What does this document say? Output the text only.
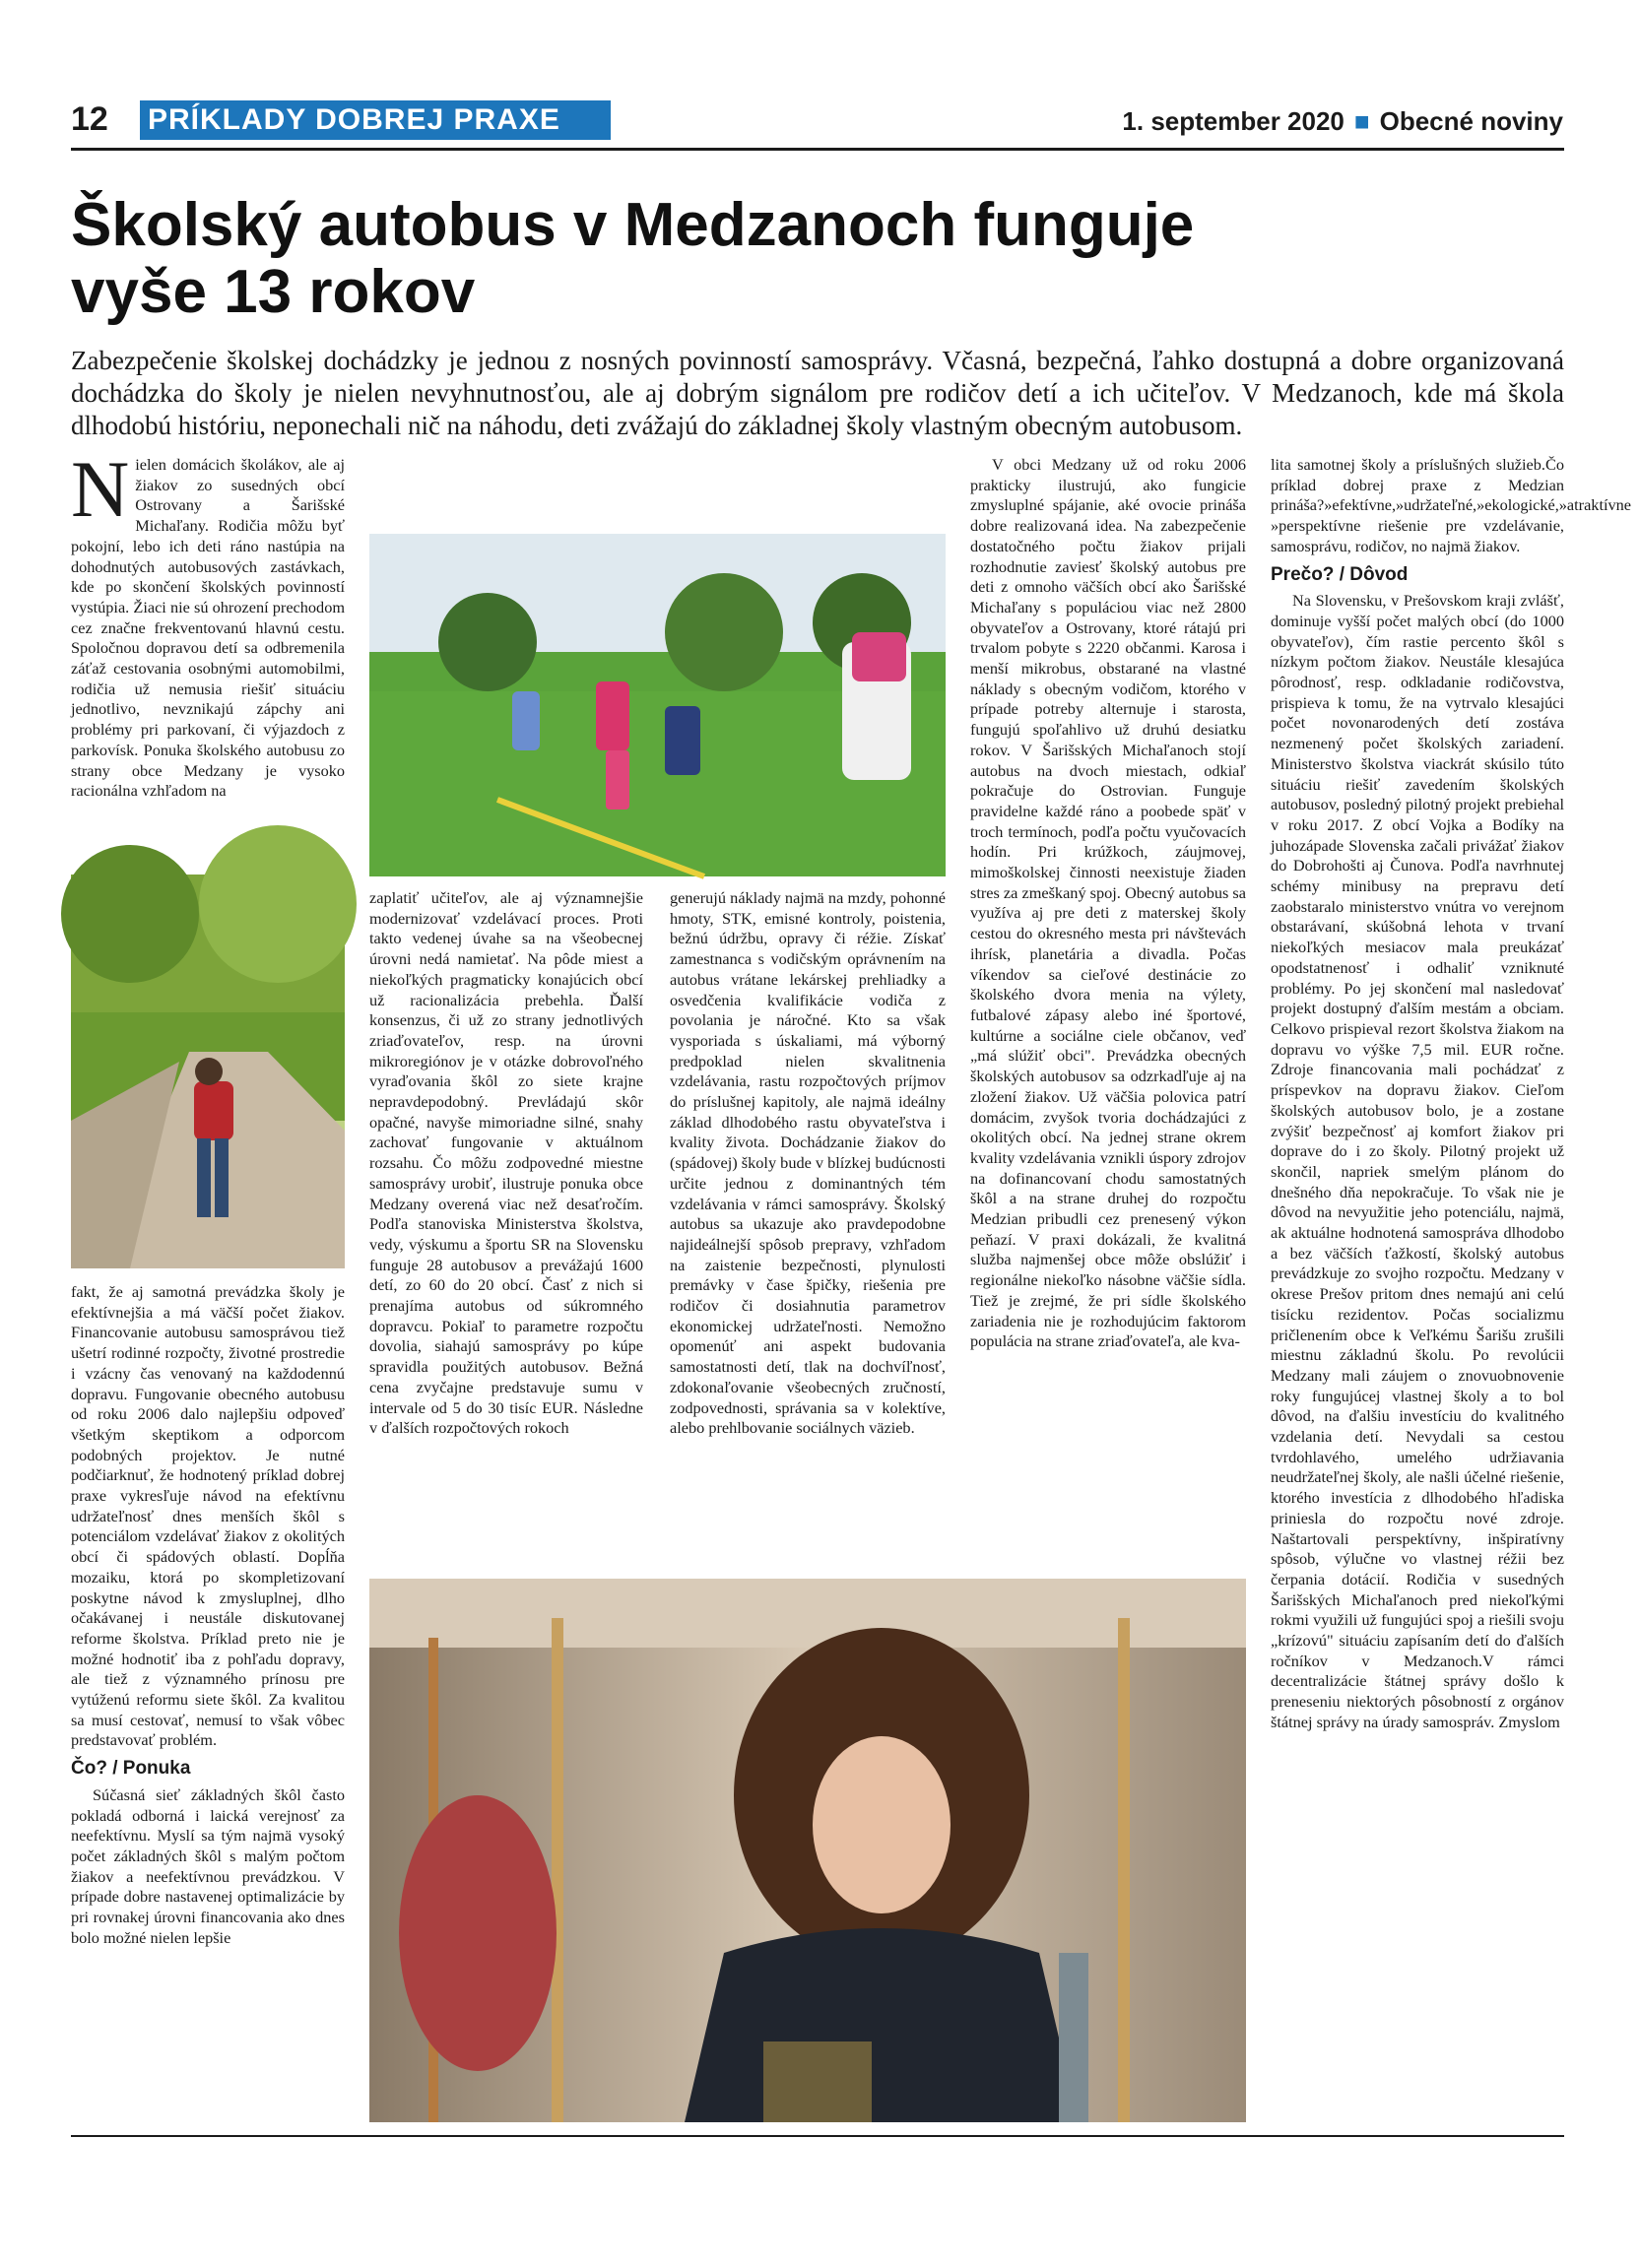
12 PRÍKLADY DOBREJ PRAXE	1. september 2020 ■ Obecné noviny
Školský autobus v Medzanoch funguje
vyše 13 rokov
Zabezpečenie školskej dochádzky je jednou z nosných povinností samosprávy. Včasná, bezpečná, ľahko dostupná a dobre organizovaná dochádzka do školy je nielen nevyhnutnosťou, ale aj dobrým signálom pre rodičov detí a ich učiteľov. V Medzanoch, kde má škola dlhodobú históriu, neponechali nič na náhodu, deti zvážajú do základnej školy vlastným obecným autobusom.
Nielen domácich školákov, ale aj žiakov zo susedných obcí Ostrovany a Šarišské Michaľany. Rodičia môžu byť pokojní, lebo ich deti ráno nastúpia na dohodnutých autobusových zastávkach, kde po skončení školských povinností vystúpia. Žiaci nie sú ohrození prechodom cez značne frekventovanú hlavnú cestu. Spoločnou dopravou detí sa odbremenila záťaž cestovania osobnými automobilmi, rodičia už nemusia riešiť situáciu jednotlivo, nevznikajú zápchy ani problémy pri parkovaní, či výjazdoch z parkovísk. Ponuka školského autobusu zo strany obce Medzany je vysoko racionálna vzhľadom na

fakt, že aj samotná prevádzka školy je efektívnejšia a má väčší počet žiakov. Financovanie autobusu samosprávou tiež ušetrí rodinné rozpočty, životné prostredie i vzácny čas venovaný na každodennú dopravu. Fungovanie obecného autobusu od roku 2006 dalo najlepšiu odpoveď všetkým skeptikom a odporcom podobných projektov. Je nutné podčiarknuť, že hodnotený príklad dobrej praxe vykresľuje návod na efektívnu udržateľnosť dnes menších škôl s potenciálom vzdelávať žiakov z okolitých obcí či spádových oblastí. Dopĺňa mozaiku, ktorá po skompletizovaní poskytne návod k zmysluplnej, dlho očakávanej i neustále diskutovanej reforme školstva. Príklad preto nie je možné hodnotiť iba z pohľadu dopravy, ale tiež z významného prínosu pre vytúženú reformu siete škôl. Za kvalitou sa musí cestovať, nemusí to však vôbec predstavovať problém.

Čo? / Ponuka

Súčasná sieť základných škôl často pokladá odborná i laická verejnosť za neefektívnu. Myslí sa tým najmä vysoký počet základných škôl s malým počtom žiakov a neefektívnou prevádzkou. V prípade dobre nastavenej optimalizácie by pri rovnakej úrovni financovania ako dnes bolo možné nielen lepšie

zaplatiť učiteľov, ale aj významnejšie modernizovať vzdelávací proces. Proti takto vedenej úvahe sa na všeobecnej úrovni nedá namietať. Na pôde miest a niekoľkých pragmaticky konajúcich obcí už racionalizácia prebehla. Ďalší konsenzus, či už zo strany jednotlivých zriaďovateľov, resp. na úrovni mikroregiónov je v otázke dobrovoľného vyraďovania škôl zo siete krajne nepravdepodobný. Prevládajú skôr opačné, navyše mimoriadne silné, snahy zachovať fungovanie v aktuálnom rozsahu. Čo môžu zodpovedné miestne samosprávy urobiť, ilustruje ponuka obce Medzany overená viac než desaťročím. Podľa stanoviska Ministerstva školstva, vedy, výskumu a športu SR na Slovensku funguje 28 autobusov a prevážajú 1600 detí, zo 60 do 20 obcí. Časť z nich si prenajíma autobus od súkromného dopravcu. Pokiaľ to parametre rozpočtu dovolia, siahajú samosprávy po kúpe spravidla použitých autobusov. Bežná cena zvyčajne predstavuje sumu v intervale od 5 do 30 tisíc EUR. Následne v ďalších rozpočtových rokoch

generujú náklady najmä na mzdy, pohonné hmoty, STK, emisné kontroly, poistenia, bežnú údržbu, opravy či réžie. Získať zamestnanca s vodičským oprávnením na autobus vrátane lekárskej prehliadky a osvedčenia kvalifikácie vodiča z povolania je náročné. Kto sa však vysporiada s úskaliami, má výborný predpoklad nielen skvalitnenia vzdelávania, rastu rozpočtových príjmov do príslušnej kapitoly, ale najmä ideálny základ dlhodobého rastu obyvateľstva i kvality života. Dochádzanie žiakov do (spádovej) školy bude v blízkej budúcnosti určite jednou z dominantných tém vzdelávania v rámci samosprávy. Školský autobus sa ukazuje ako pravdepodobne najideálnejší spôsob prepravy, vzhľadom na zaistenie bezpečnosti, plynulosti premávky v čase špičky, riešenia pre rodičov či dosiahnutia parametrov ekonomickej udržateľnosti. Nemožno opomenúť ani aspekt budovania samostatnosti detí, tlak na dochvíľnosť, zdokonaľovanie všeobecných zručností, zodpovednosti, správania sa v kolektíve, alebo prehlbovanie sociálnych väzieb.

V obci Medzany už od roku 2006 prakticky ilustrujú, ako fungicie zmysluplné spájanie, aké ovocie prináša dobre realizovaná idea. Na zabezpečenie dostatočného počtu žiakov prijali rozhodnutie zaviesť školský autobus pre deti z omnoho väčších obcí ako Šarišské Michaľany s populáciou viac než 2800 obyvateľov a Ostrovany, ktoré rátajú pri trvalom pobyte s 2220 občanmi. Karosa i menší mikrobus, obstarané na vlastné náklady s obecným vodičom, ktorého v prípade potreby alternuje i starosta, fungujú spoľahlivo už druhú desiatku rokov. V Šarišských Michaľanoch stojí autobus na dvoch miestach, odkiaľ pokračuje do Ostrovian. Funguje pravidelne každé ráno a poobede späť v troch termínoch, podľa počtu vyučovacích hodín. Pri krúžkoch, záujmovej, mimoškolskej činnosti neexistuje žiaden stres za zmeškaný spoj. Obecný autobus sa využíva aj pre deti z materskej školy cestou do okresného mesta pri návštevách ihrísk, planetária a divadla. Počas víkendov sa cieľové destinácie zo školského dvora menia na výlety, futbalové zápasy alebo iné športové, kultúrne a sociálne ciele občanov, veď „má slúžiť obci". Prevádzka obecných školských autobusov sa odzrkadľuje aj na zložení žiakov. Už väčšia polovica patrí domácim, zvyšok tvoria dochádzajúci z okolitých obcí. Na jednej strane okrem kvality vzdelávania vznikli úspory zdrojov na dofinancovaní chodu samostatných škôl a na strane druhej do rozpočtu Medzian pribudli cez prenesený výkon peňazí. V praxi dokázali, že kvalitná služba najmenšej obce môže obslúžiť i regionálne niekoľko násobne väčšie sídla. Tiež je zrejmé, že pri sídle školského zariadenia nie je rozhodujúcim faktorom populácia na strane zriaďovateľa, ale kva-

lita samotnej školy a príslušných služieb.Čo príklad dobrej praxe z Medzian prináša?»efektívne,»udržateľné,»ekologické,»atraktívne »perspektívne riešenie pre vzdelávanie, samosprávu, rodičov, no najmä žiakov.

Prečo? / Dôvod

Na Slovensku, v Prešovskom kraji zvlášť, dominuje vyšší počet malých obcí (do 1000 obyvateľov), čím rastie percento škôl s nízkym počtom žiakov. Neustále klesajúca pôrodnosť, resp. odkladanie rodičovstva, prispieva k tomu, že na vytrvalo klesajúci počet novonarodených detí zostáva nezmenený počet školských zariadení. Ministerstvo školstva viackrát skúsilo túto situáciu riešiť zavedením školských autobusov, posledný pilotný projekt prebiehal v roku 2017. Z obcí Vojka a Bodíky na juhozápade Slovenska začali privážať žiakov do Dobrohošti aj Čunova. Podľa navrhnutej schémy minibusy na prepravu detí zaobstaralo ministerstvo vnútra vo verejnom obstarávaní, skúšobná lehota v trvaní niekoľkých mesiacov mala preukázať opodstatnenosť i odhaliť vzniknuté problémy. Po jej skončení mal nasledovať projekt dostupný ďalším mestám a obciam. Celkovo prispieval rezort školstva žiakom na dopravu vo výške 7,5 mil. EUR ročne. Zdroje financovania mali pochádzať z príspevkov na dopravu žiakov. Cieľom školských autobusov bolo, je a zostane zvýšiť bezpečnosť aj komfort žiakov pri doprave do i zo školy. Pilotný projekt už skončil, napriek smelým plánom do dnešného dňa nepokračuje. To však nie je dôvod na nevyužitie jeho potenciálu, najmä, ak aktuálne hodnotená samospráva dlhodobo a bez väčších ťažkostí, školský autobus prevádzkuje zo svojho rozpočtu. Medzany v okrese Prešov pritom dnes nemajú ani celú tisícku rezidentov. Počas socializmu pričlenením obce k Veľkému Šarišu zrušili miestnu základnú školu. Po revolúcii Medzany mali záujem o znovuobnovenie roky fungujúcej vlastnej školy a to bol dôvod, na ďalšiu investíciu do kvalitného vzdelania detí. Nevydali sa cestou tvrdohlavého, umelého udržiavania neudržateľnej školy, ale našli účelné riešenie, ktorého investícia z dlhodobého hľadiska priniesla do rozpočtu nové zdroje. Naštartovali perspektívny, inšpiratívny spôsob, výlučne vo vlastnej réžii bez čerpania dotácií. Rodičia v susedných Šarišských Michaľanoch pred niekoľkými rokmi využili už fungujúci spoj a riešili svoju „krízovú" situáciu zapísaním detí do ďalších ročníkov v Medzanoch.V rámci decentralizácie štátnej správy došlo k preneseniu niektorých pôsobností z orgánov štátnej správy na úrady samospráv. Zmyslom
